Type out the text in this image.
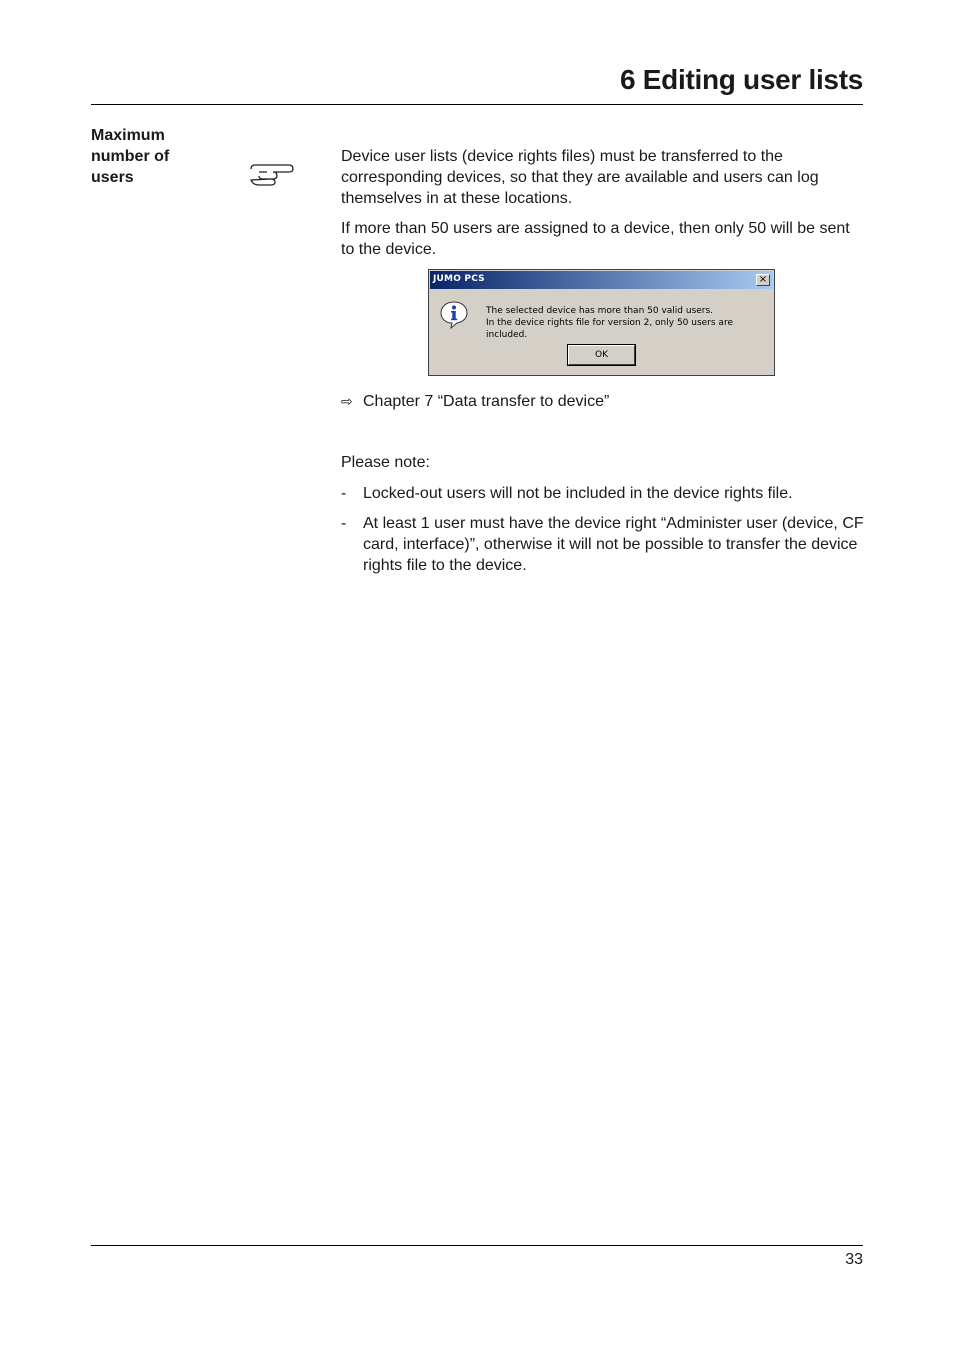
6 Editing user lists
Maximum number of users

Device user lists (device rights files) must be transferred to the corresponding devices, so that they are available and users can log themselves in at these locations.

If more than 50 users are assigned to a device, then only 50 will be sent to the device.

JUMO PCS	×
The selected device has more than 50 valid users.
In the device rights file for version 2, only 50 users are included.
OK
⇨ Chapter 7 “Data transfer to device”

Please note:

- Locked-out users will not be included in the device rights file.
- At least 1 user must have the device right “Administer user (device, CF card, interface)”, otherwise it will not be possible to transfer the device rights file to the device.
33
